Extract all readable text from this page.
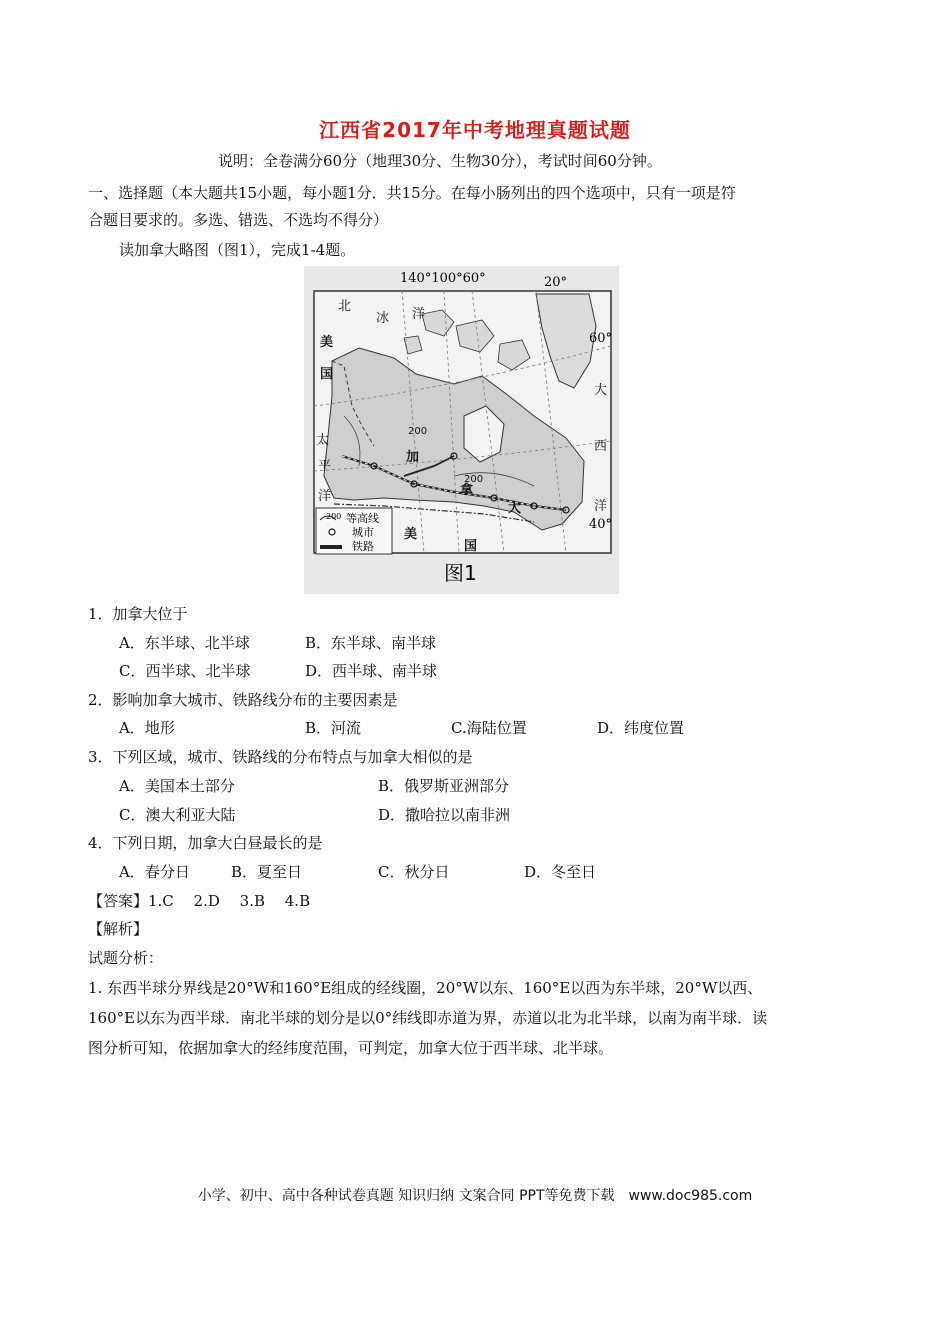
江西省2017年中考地理真题试题
说明：全卷满分60分（地理30分、生物30分），考试时间60分钟。
一、选择题（本大题共15小题，每小题1分．共15分。在每小肠列出的四个选项中，只有一项是符
合题目要求的。多选、错选、不选均不得分）
读加拿大略图（图1），完成1-4题。
140°100°60°	20°
60°
40°
北
冰 洋
美
国
太
平
洋
加
拿
大
大
西
洋
美
国
200
200
200 等高线
城市
铁路
图1
1．加拿大位于
A．东半球、北半球	B．东半球、南半球
C．西半球、北半球	D．西半球、南半球
2．影响加拿大城市、铁路线分布的主要因素是
A．地形	B．河流	C.海陆位置	D．纬度位置
3．下列区域，城市、铁路线的分布特点与加拿大相似的是
A．美国本土部分	B．俄罗斯亚洲部分
C．澳大利亚大陆	D．撒哈拉以南非洲
4．下列日期，加拿大白昼最长的是
A．春分日	B．夏至日	C．秋分日	D．冬至日
【答案】1.C　 2.D　 3.B　 4.B
【解析】
试题分析：
1. 东西半球分界线是20°W和160°E组成的经线圈，20°W以东、160°E以西为东半球，20°W以西、
160°E以东为西半球．南北半球的划分是以0°纬线即赤道为界，赤道以北为北半球，以南为南半球．读
图分析可知，依据加拿大的经纬度范围，可判定，加拿大位于西半球、北半球。
小学、初中、高中各种试卷真题 知识归纳 文案合同 PPT等免费下载　www.doc985.com
